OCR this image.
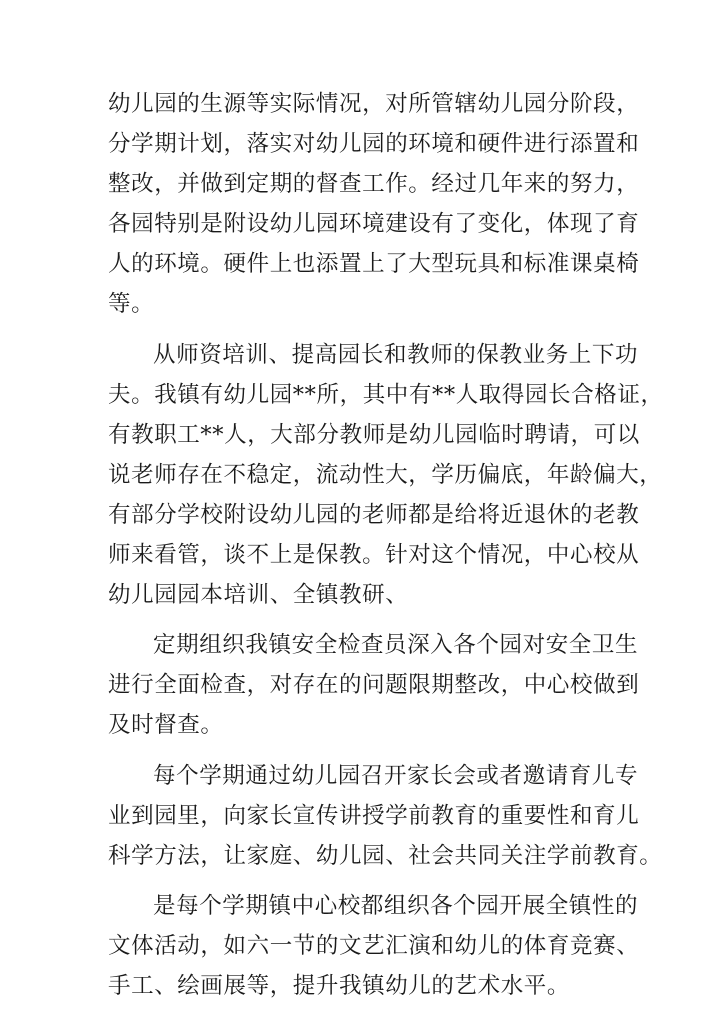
幼儿园的生源等实际情况，对所管辖幼儿园分阶段，
分学期计划，落实对幼儿园的环境和硬件进行添置和
整改，并做到定期的督查工作。经过几年来的努力，
各园特别是附设幼儿园环境建设有了变化，体现了育
人的环境。硬件上也添置上了大型玩具和标准课桌椅
等。
从师资培训、提高园长和教师的保教业务上下功
夫。我镇有幼儿园**所，其中有**人取得园长合格证，
有教职工**人，大部分教师是幼儿园临时聘请，可以
说老师存在不稳定，流动性大，学历偏底，年龄偏大，
有部分学校附设幼儿园的老师都是给将近退休的老教
师来看管，谈不上是保教。针对这个情况，中心校从
幼儿园园本培训、全镇教研、
定期组织我镇安全检查员深入各个园对安全卫生
进行全面检查，对存在的问题限期整改，中心校做到
及时督查。
每个学期通过幼儿园召开家长会或者邀请育儿专
业到园里，向家长宣传讲授学前教育的重要性和育儿
科学方法，让家庭、幼儿园、社会共同关注学前教育。
是每个学期镇中心校都组织各个园开展全镇性的
文体活动，如六一节的文艺汇演和幼儿的体育竞赛、
手工、绘画展等，提升我镇幼儿的艺术水平。
